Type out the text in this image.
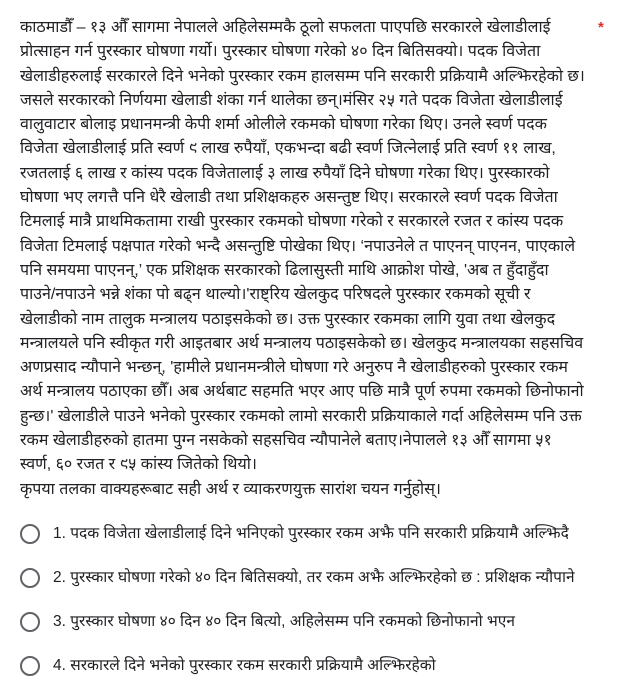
काठमाडौँ – १३ औँ सागमा नेपालले अहिलेसम्मकै ठूलो सफलता पाएपछि सरकारले खेलाडीलाई प्रोत्साहन गर्न पुरस्कार घोषणा गर्यो। पुरस्कार घोषणा गरेको ४० दिन बितिसक्यो। पदक विजेता खेलाडीहरुलाई सरकारले दिने भनेको पुरस्कार रकम हालसम्म पनि सरकारी प्रक्रियामै अल्झिरहेको छ। जसले सरकारको निर्णयमा खेलाडी शंका गर्न थालेका छन्।मंसिर २५ गते पदक विजेता खेलाडीलाई वालुवाटार बोलाइ प्रधानमन्त्री केपी शर्मा ओलीले रकमको घोषणा गरेका थिए। उनले स्वर्ण पदक विजेता खेलाडीलाई प्रति स्वर्ण ९ लाख रुपैयाँ, एकभन्दा बढी स्वर्ण जित्नेलाई प्रति स्वर्ण ११ लाख, रजतलाई ६ लाख र कांस्य पदक विजेतालाई ३ लाख रुपैयाँ दिने घोषणा गरेका थिए। पुरस्कारको घोषणा भए लगत्तै पनि धेरै खेलाडी तथा प्रशिक्षकहरु असन्तुष्ट थिए। सरकारले स्वर्ण पदक विजेता टिमलाई मात्रै प्राथमिकतामा राखी पुरस्कार रकमको घोषणा गरेको र सरकारले रजत र कांस्य पदक विजेता टिमलाई पक्षपात गरेको भन्दै असन्तुष्टि पोखेका थिए। ‘नपाउनेले त पाएनन् पाएनन, पाएकाले पनि समयमा पाएनन्,’ एक प्रशिक्षक सरकारको ढिलासुस्ती माथि आक्रोश पोखे, 'अब त हुँदाहुँदा पाउने/नपाउने भन्ने शंका पो बढ्न थाल्यो।'राष्ट्रिय खेलकुद परिषदले पुरस्कार रकमको सूची र खेलाडीको नाम तालुक मन्त्रालय पठाइसकेको छ। उक्त पुरस्कार रकमका लागि युवा तथा खेलकुद मन्त्रालयले पनि स्वीकृत गरी आइतबार अर्थ मन्त्रालय पठाइसकेको छ। खेलकुद मन्त्रालयका सहसचिव अणप्रसाद न्यौपाने भन्छन्, 'हामीले प्रधानमन्त्रीले घोषणा गरे अनुरुप नै खेलाडीहरुको पुरस्कार रकम अर्थ मन्त्रालय पठाएका छौँ। अब अर्थबाट सहमति भएर आए पछि मात्रै पूर्ण रुपमा रकमको छिनोफानो हुन्छ।' खेलाडीले पाउने भनेको पुरस्कार रकमको लामो सरकारी प्रक्रियाकाले गर्दा अहिलेसम्म पनि उक्त रकम खेलाडीहरुको हातमा पुग्न नसकेको सहसचिव न्यौपानेले बताए।नेपालले १३ औँ सागमा ५१ स्वर्ण, ६० रजत र ९५ कांस्य जितेको थियो।
*
कृपया तलका वाक्यहरूबाट सही अर्थ र व्याकरणयुक्त सारांश चयन गर्नुहोस्।
1. पदक विजेता खेलाडीलाई दिने भनिएको पुरस्कार रकम अझै पनि सरकारी प्रक्रियामै अल्झिदै
2. पुरस्कार घोषणा गरेको ४० दिन बितिसक्यो, तर रकम अझै अल्झिरहेको छ : प्रशिक्षक न्यौपाने
3. पुरस्कार घोषणा ४० दिन ४० दिन बित्यो, अहिलेसम्म पनि रकमको छिनोफानो भएन
4. सरकारले दिने भनेको पुरस्कार रकम सरकारी प्रक्रियामै अल्झिरहेको
